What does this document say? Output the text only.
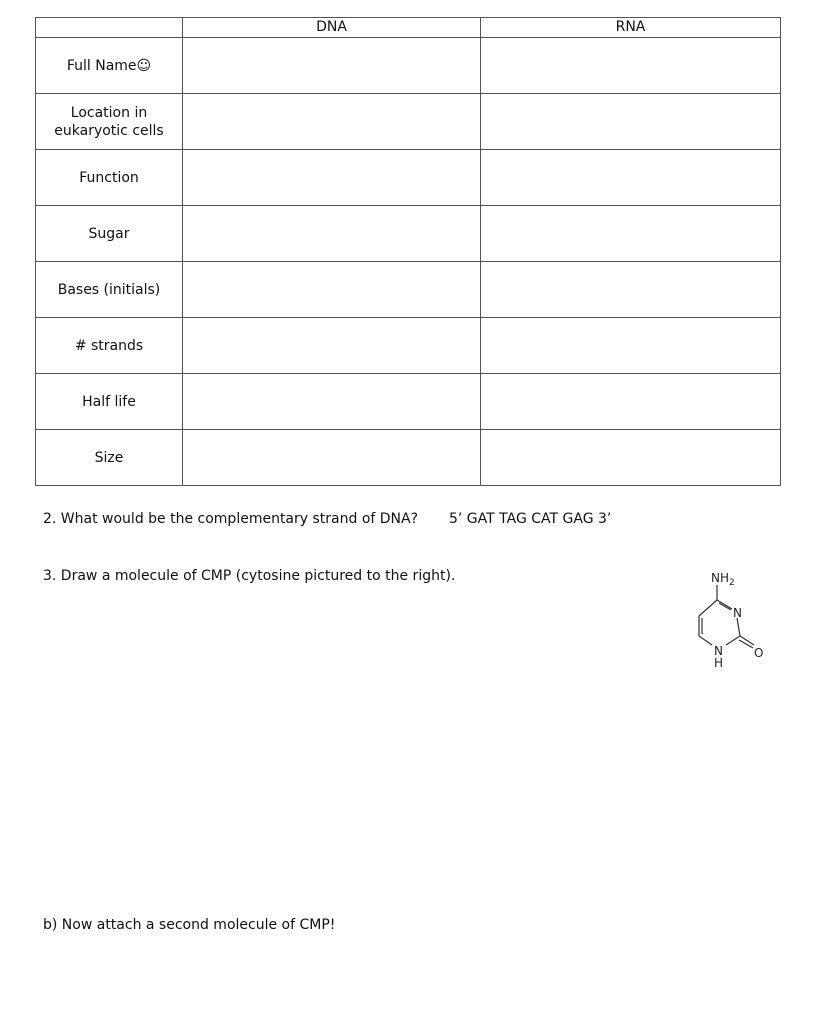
	DNA	RNA
Full Name☺		
Location in eukaryotic cells		
Function		
Sugar		
Bases (initials)		
# strands		
Half life		
Size		
2. What would be the complementary strand of DNA? 5’ GAT TAG CAT GAG 3’
3. Draw a molecule of CMP (cytosine pictured to the right).	$NH_2$
N
N
H
O
b) Now attach a second molecule of CMP!
